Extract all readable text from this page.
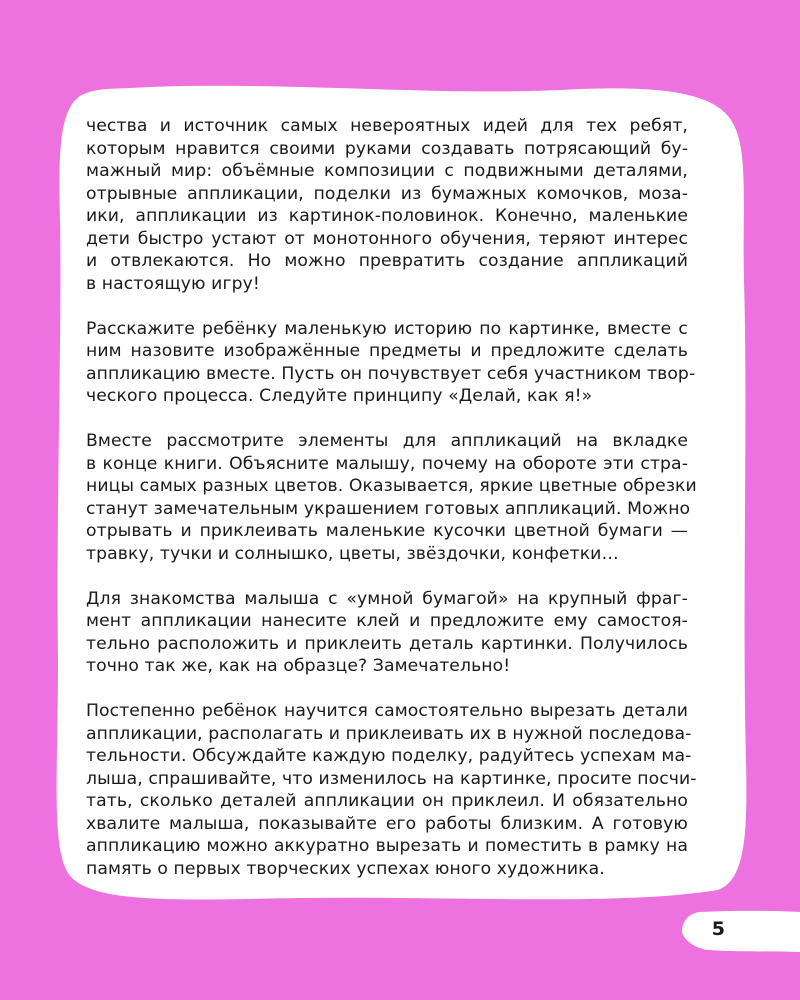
5

чества и источник самых невероятных идей для тех ребят,
которым нравится своими руками создавать потрясающий бу-
мажный мир: объёмные композиции с подвижными деталями,
отрывные аппликации, поделки из бумажных комочков, моза-
ики, аппликации из картинок-половинок. Конечно, маленькие
дети быстро устают от монотонного обучения, теряют интерес
и отвлекаются. Но можно превратить создание аппликаций
в настоящую игру!

Расскажите ребёнку маленькую историю по картинке, вместе с
ним назовите изображённые предметы и предложите сделать
аппликацию вместе. Пусть он почувствует себя участником твор-
ческого процесса. Следуйте принципу «Делай, как я!»

Вместе рассмотрите элементы для аппликаций на вкладке
в конце книги. Объясните малышу, почему на обороте эти стра-
ницы самых разных цветов. Оказывается, яркие цветные обрезки
станут замечательным украшением готовых аппликаций. Можно
отрывать и приклеивать маленькие кусочки цветной бумаги —
травку, тучки и солнышко, цветы, звёздочки, конфетки…

Для знакомства малыша с «умной бумагой» на крупный фраг-
мент аппликации нанесите клей и предложите ему самостоя-
тельно расположить и приклеить деталь картинки. Получилось
точно так же, как на образце? Замечательно!

Постепенно ребёнок научится самостоятельно вырезать детали
аппликации, располагать и приклеивать их в нужной последова-
тельности. Обсуждайте каждую поделку, радуйтесь успехам ма-
лыша, спрашивайте, что изменилось на картинке, просите посчи-
тать, сколько деталей аппликации он приклеил. И обязательно
хвалите малыша, показывайте его работы близким. А готовую
аппликацию можно аккуратно вырезать и поместить в рамку на
память о первых творческих успехах юного художника.
